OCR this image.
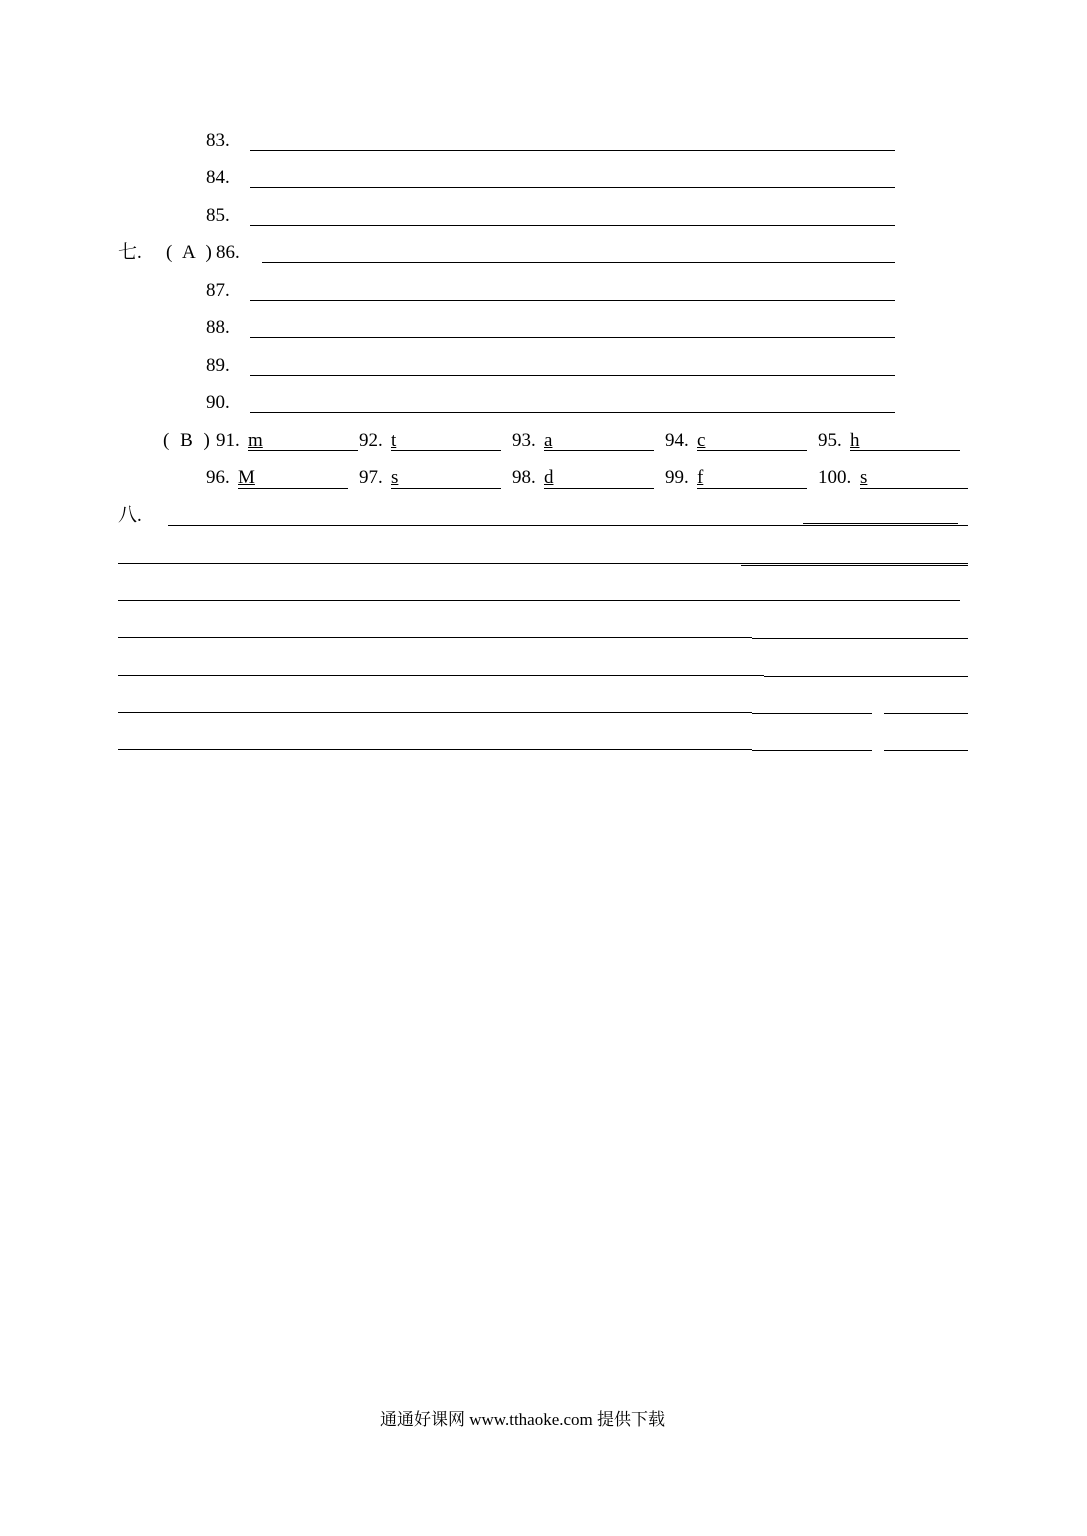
83.
84.
85.
七. ( A ) 86.
87.
88.
89.
90.
( B ) 91. m	92. t	93. a	94. c	95. h
96. M	97. s	98. d	99. f	100. s
八.
通通好课网 www.tthaoke.com 提供下载
